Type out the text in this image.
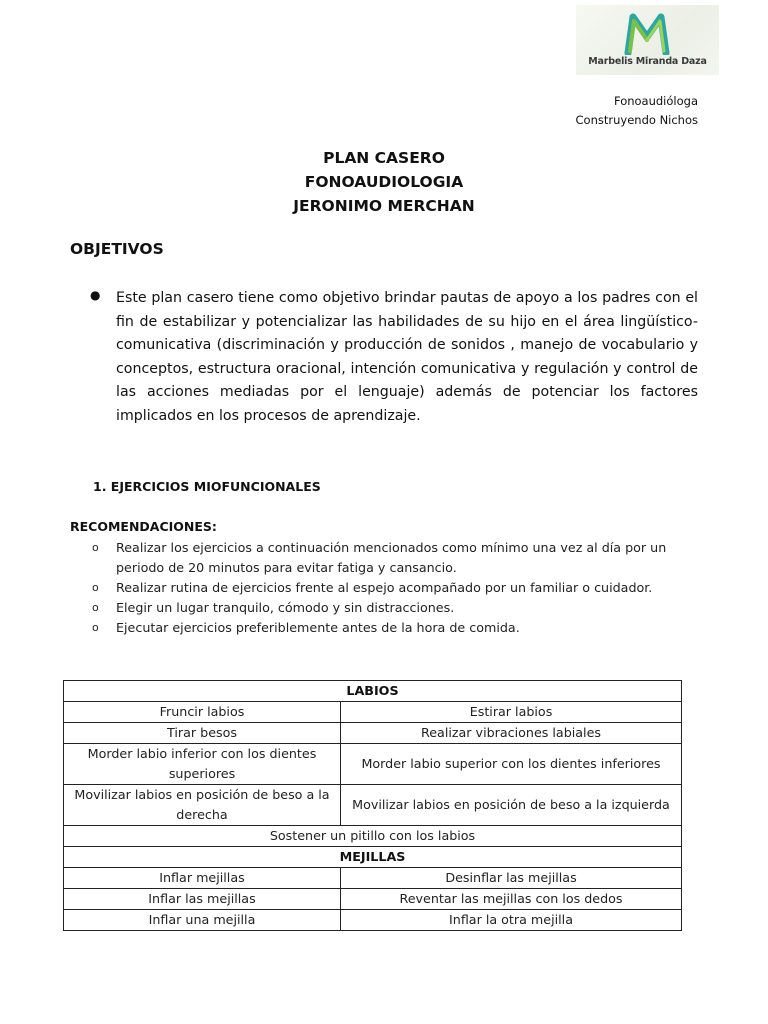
Marbelis Miranda Daza
Fonoaudióloga
Construyendo Nichos
PLAN CASERO
FONOAUDIOLOGIA
JERONIMO MERCHAN
OBJETIVOS
● Este plan casero tiene como objetivo brindar pautas de apoyo a los padres con el fin de estabilizar y potencializar las habilidades de su hijo en el área lingüístico-comunicativa (discriminación y producción de sonidos , manejo de vocabulario y conceptos, estructura oracional, intención comunicativa y regulación y control de las acciones mediadas por el lenguaje) además de potenciar los factores implicados en los procesos de aprendizaje.
1. EJERCICIOS MIOFUNCIONALES
RECOMENDACIONES:
o Realizar los ejercicios a continuación mencionados como mínimo una vez al día por un periodo de 20 minutos para evitar fatiga y cansancio.
o Realizar rutina de ejercicios frente al espejo acompañado por un familiar o cuidador.
o Elegir un lugar tranquilo, cómodo y sin distracciones.
o Ejecutar ejercicios preferiblemente antes de la hora de comida.
LABIOS	
Fruncir labios	Estirar labios
Tirar besos	Realizar vibraciones labiales
Morder labio inferior con los dientes superiores	Morder labio superior con los dientes inferiores
Movilizar labios en posición de beso a la derecha	Movilizar labios en posición de beso a la izquierda
Sostener un pitillo con los labios	
MEJILLAS	
Inflar mejillas	Desinflar las mejillas
Inflar las mejillas	Reventar las mejillas con los dedos
Inflar una mejilla	Inflar la otra mejilla
